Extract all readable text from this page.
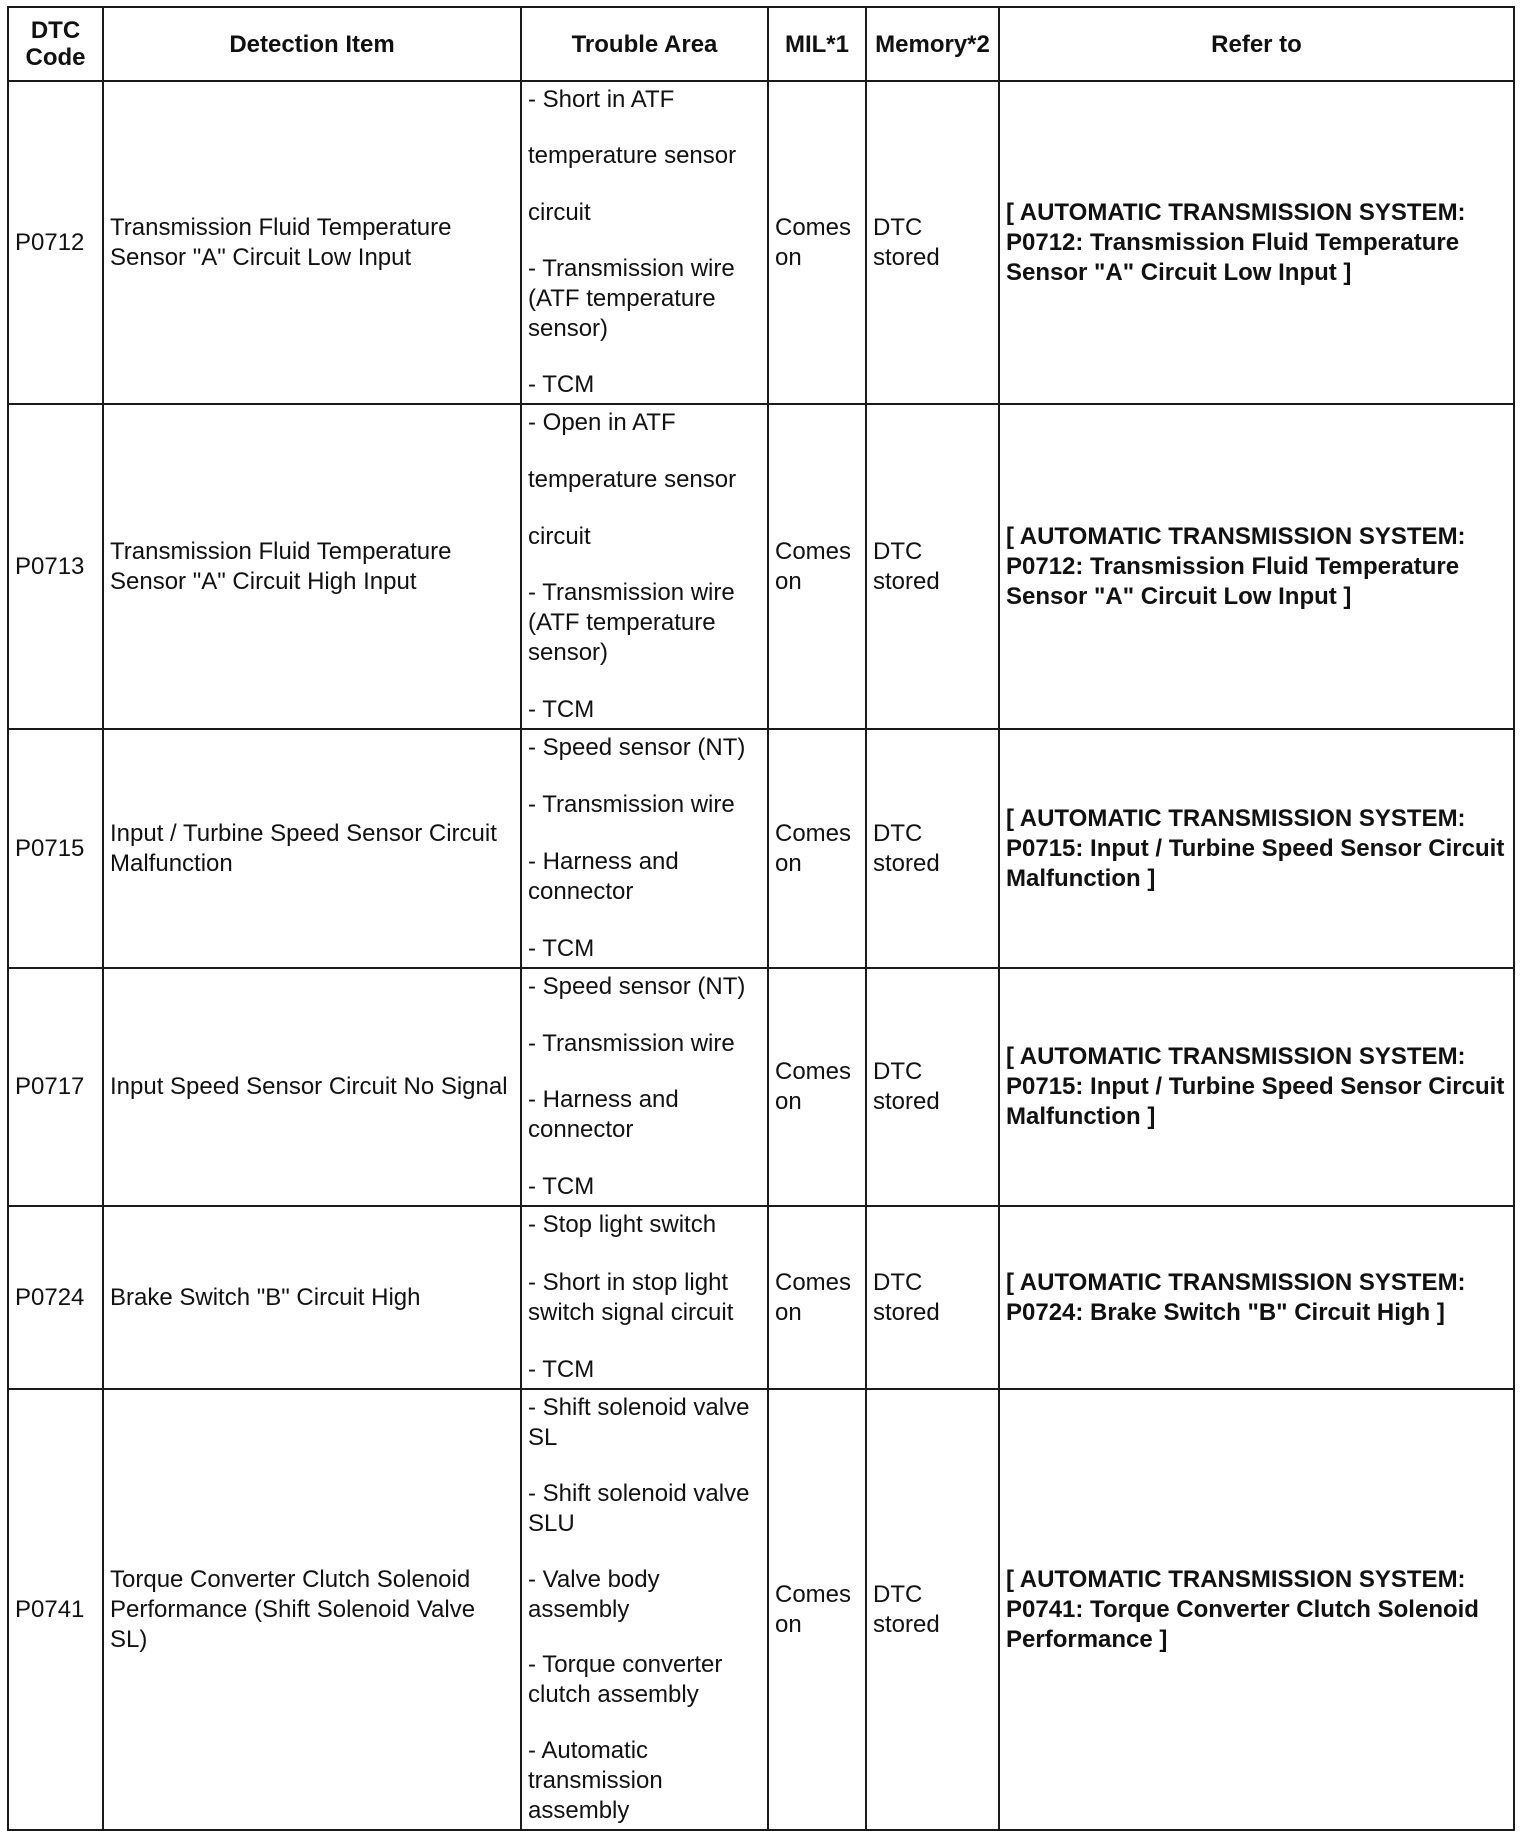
DTC Code	Detection Item	Trouble Area	MIL*1	Memory*2	Refer to
P0712	Transmission Fluid Temperature Sensor "A" Circuit Low Input	- Short in ATF
temperature sensor
circuit
- Transmission wire (ATF temperature sensor)
- TCM	Comes on	DTC stored	[ AUTOMATIC TRANSMISSION SYSTEM: P0712: Transmission Fluid Temperature Sensor "A" Circuit Low Input ]
P0713	Transmission Fluid Temperature Sensor "A" Circuit High Input	- Open in ATF
temperature sensor
circuit
- Transmission wire (ATF temperature sensor)
- TCM	Comes on	DTC stored	[ AUTOMATIC TRANSMISSION SYSTEM: P0712: Transmission Fluid Temperature Sensor "A" Circuit Low Input ]
P0715	Input / Turbine Speed Sensor Circuit Malfunction	- Speed sensor (NT)
- Transmission wire
- Harness and connector
- TCM	Comes on	DTC stored	[ AUTOMATIC TRANSMISSION SYSTEM: P0715: Input / Turbine Speed Sensor Circuit Malfunction ]
P0717	Input Speed Sensor Circuit No Signal	- Speed sensor (NT)
- Transmission wire
- Harness and connector
- TCM	Comes on	DTC stored	[ AUTOMATIC TRANSMISSION SYSTEM: P0715: Input / Turbine Speed Sensor Circuit Malfunction ]
P0724	Brake Switch "B" Circuit High	- Stop light switch
- Short in stop light switch signal circuit
- TCM	Comes on	DTC stored	[ AUTOMATIC TRANSMISSION SYSTEM: P0724: Brake Switch "B" Circuit High ]
P0741	Torque Converter Clutch Solenoid Performance (Shift Solenoid Valve SL)	- Shift solenoid valve SL
- Shift solenoid valve SLU
- Valve body assembly
- Torque converter clutch assembly
- Automatic transmission assembly	Comes on	DTC stored	[ AUTOMATIC TRANSMISSION SYSTEM: P0741: Torque Converter Clutch Solenoid Performance ]
